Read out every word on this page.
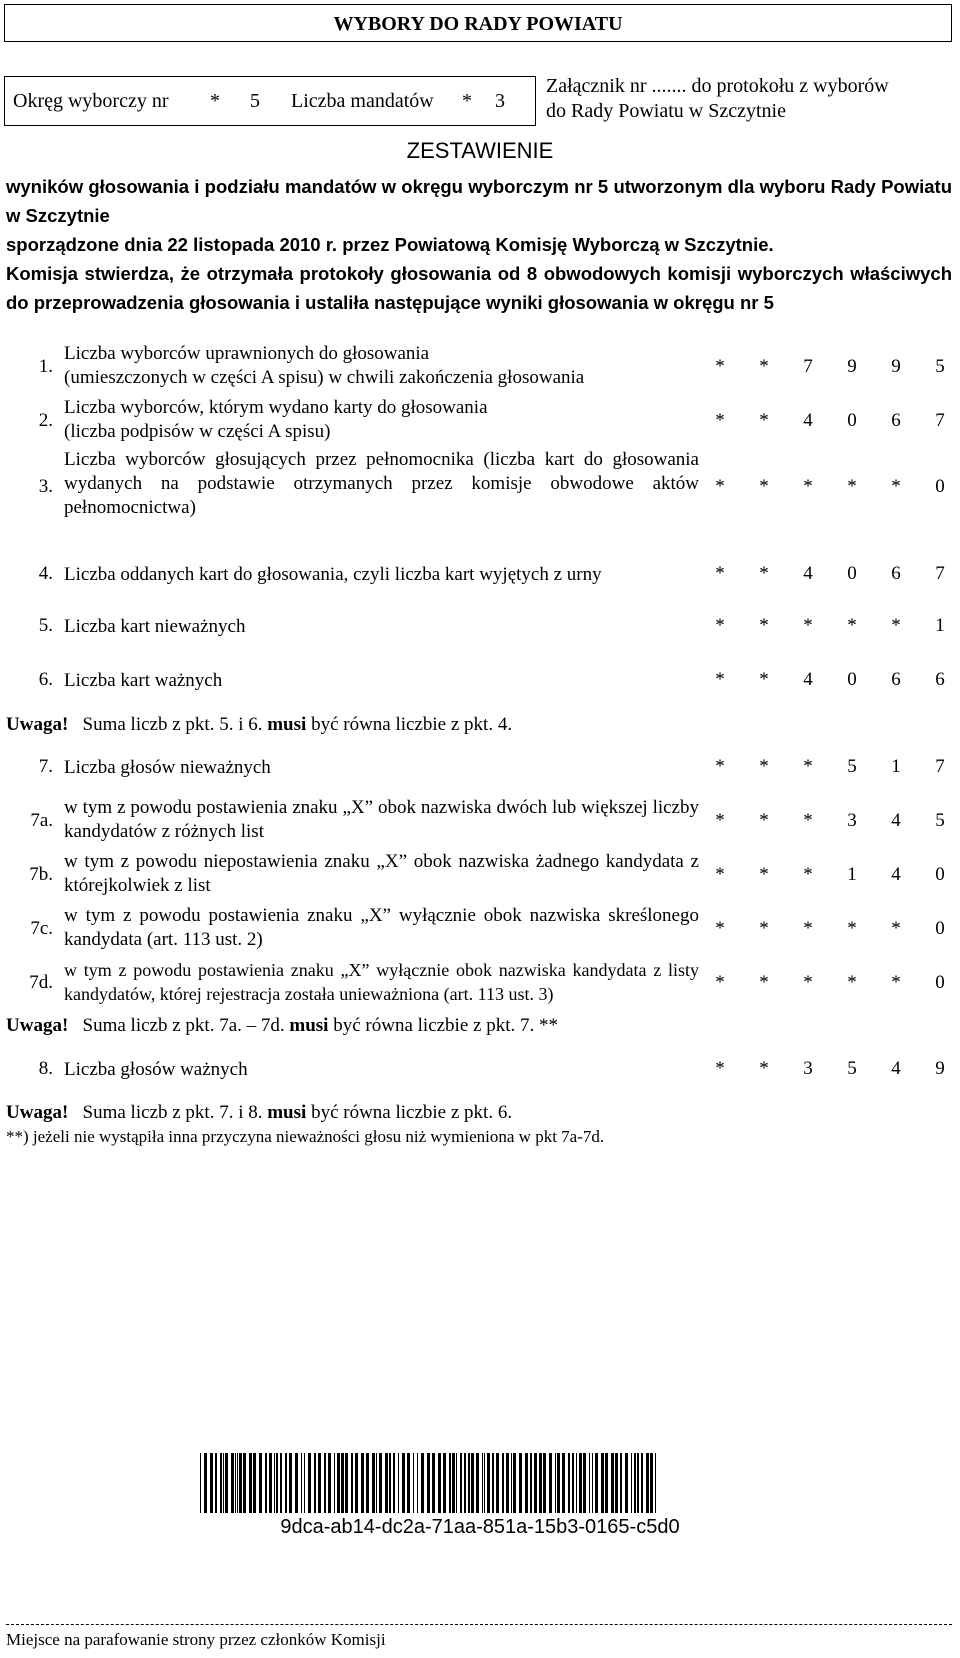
WYBORY DO RADY POWIATU
Okręg wyborczy nr * 5 Liczba mandatów * 3
Załącznik nr ....... do protokołu z wyborów
do Rady Powiatu w Szczytnie
ZESTAWIENIE

wyników głosowania i podziału mandatów w okręgu wyborczym nr 5 utworzonym dla wyboru Rady Powiatu w Szczytnie

sporządzone dnia 22 listopada 2010 r. przez Powiatową Komisję Wyborczą w Szczytnie.

Komisja stwierdza, że otrzymała protokoły głosowania od 8 obwodowych komisji wyborczych właściwych do przeprowadzenia głosowania i ustaliła następujące wyniki głosowania w okręgu nr 5

1.
Liczba wyborców uprawnionych do głosowania
(umieszczonych w części A spisu) w chwili zakończenia głosowania
* * 7 9 9 5
2.
Liczba wyborców, którym wydano karty do głosowania
(liczba podpisów w części A spisu)
* * 4 0 6 7
3.
Liczba wyborców głosujących przez pełnomocnika (liczba kart do głosowania wydanych na podstawie otrzymanych przez komisje obwodowe aktów pełnomocnictwa)
* * * * * 0
4. Liczba oddanych kart do głosowania, czyli liczba kart wyjętych z urny	* * 4 0 6 7
5. Liczba kart nieważnych	* * * * * 1
6. Liczba kart ważnych	* * 4 0 6 6
Uwaga! Suma liczb z pkt. 5. i 6. musi być równa liczbie z pkt. 4.
7. Liczba głosów nieważnych	* * * 5 1 7
7a.
w tym z powodu postawienia znaku „X” obok nazwiska dwóch lub większej liczby kandydatów z różnych list
* * * 3 4 5
7b.
w tym z powodu niepostawienia znaku „X” obok nazwiska żadnego kandydata z którejkolwiek z list
* * * 1 4 0
7c.
w tym z powodu postawienia znaku „X” wyłącznie obok nazwiska skreślonego kandydata (art. 113 ust. 2)
* * * * * 0
7d.
w tym z powodu postawienia znaku „X” wyłącznie obok nazwiska kandydata z listy kandydatów, której rejestracja została unieważniona (art. 113 ust. 3)
* * * * * 0
Uwaga! Suma liczb z pkt. 7a. – 7d. musi być równa liczbie z pkt. 7. **
8. Liczba głosów ważnych	* * 3 5 4 9
Uwaga! Suma liczb z pkt. 7. i 8. musi być równa liczbie z pkt. 6.
**) jeżeli nie wystąpiła inna przyczyna nieważności głosu niż wymieniona w pkt 7a-7d.
9dca-ab14-dc2a-71aa-851a-15b3-0165-c5d0
Miejsce na parafowanie strony przez członków Komisji
